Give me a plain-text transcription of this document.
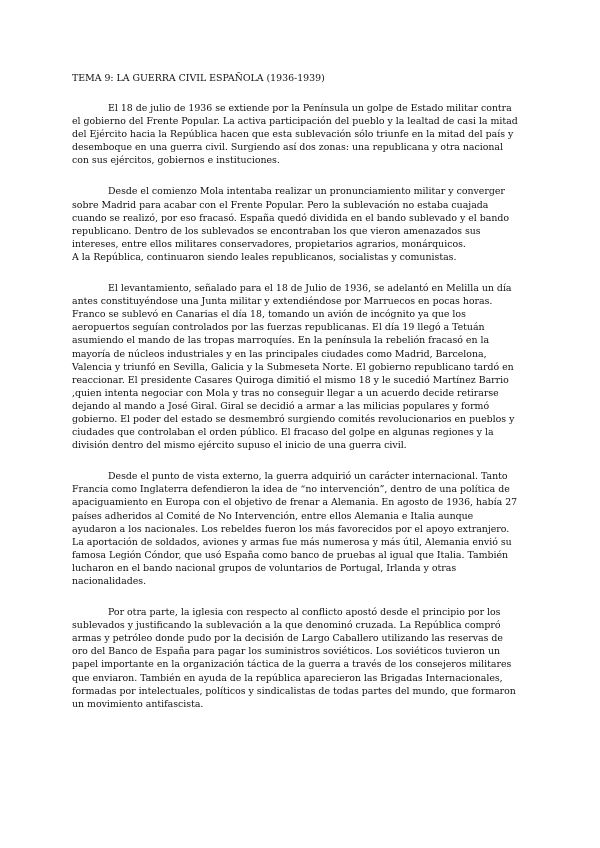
TEMA 9: LA GUERRA CIVIL ESPAÑOLA (1936-1939)

El 18 de julio de 1936 se extiende por la Península un golpe de Estado militar contra
el gobierno del Frente Popular. La activa participación del pueblo y la lealtad de casi la mitad
del Ejército hacia la República hacen que esta sublevación sólo triunfe en la mitad del país y
desemboque en una guerra civil. Surgiendo así dos zonas: una republicana y otra nacional
con sus ejércitos, gobiernos e instituciones.

Desde el comienzo Mola intentaba realizar un pronunciamiento militar y converger
sobre Madrid para acabar con el Frente Popular. Pero la sublevación no estaba cuajada
cuando se realizó, por eso fracasó. España quedó dividida en el bando sublevado y el bando
republicano. Dentro de los sublevados se encontraban los que vieron amenazados sus
intereses, entre ellos militares conservadores, propietarios agrarios, monárquicos.
A la República, continuaron siendo leales republicanos, socialistas y comunistas.

El levantamiento, señalado para el 18 de Julio de 1936, se adelantó en Melilla un día
antes constituyéndose una Junta militar y extendiéndose por Marruecos en pocas horas.
Franco se sublevó en Canarias el día 18, tomando un avión de incógnito ya que los
aeropuertos seguían controlados por las fuerzas republicanas. El día 19 llegó a Tetuán
asumiendo el mando de las tropas marroquíes. En la península la rebelión fracasó en la
mayoría de núcleos industriales y en las principales ciudades como Madrid, Barcelona,
Valencia y triunfó en Sevilla, Galicia y la Submeseta Norte. El gobierno republicano tardó en
reaccionar. El presidente Casares Quiroga dimitió el mismo 18 y le sucedió Martínez Barrio
,quien intenta negociar con Mola y tras no conseguir llegar a un acuerdo decide retirarse
dejando al mando a José Giral. Giral se decidió a armar a las milicias populares y formó
gobierno. El poder del estado se desmembró surgiendo comités revolucionarios en pueblos y
ciudades que controlaban el orden público. El fracaso del golpe en algunas regiones y la
división dentro del mismo ejército supuso el inicio de una guerra civil.

Desde el punto de vista externo, la guerra adquirió un carácter internacional. Tanto
Francia como Inglaterra defendieron la idea de “no intervención”, dentro de una política de
apaciguamiento en Europa con el objetivo de frenar a Alemania. En agosto de 1936, había 27
países adheridos al Comité de No Intervención, entre ellos Alemania e Italia aunque
ayudaron a los nacionales. Los rebeldes fueron los más favorecidos por el apoyo extranjero.
La aportación de soldados, aviones y armas fue más numerosa y más útil, Alemania envió su
famosa Legión Cóndor, que usó España como banco de pruebas al igual que Italia. También
lucharon en el bando nacional grupos de voluntarios de Portugal, Irlanda y otras
nacionalidades.

Por otra parte, la iglesia con respecto al conflicto apostó desde el principio por los
sublevados y justificando la sublevación a la que denominó cruzada. La República compró
armas y petróleo donde pudo por la decisión de Largo Caballero utilizando las reservas de
oro del Banco de España para pagar los suministros soviéticos. Los soviéticos tuvieron un
papel importante en la organización táctica de la guerra a través de los consejeros militares
que enviaron. También en ayuda de la república aparecieron las Brigadas Internacionales,
formadas por intelectuales, políticos y sindicalistas de todas partes del mundo, que formaron
un movimiento antifascista.
